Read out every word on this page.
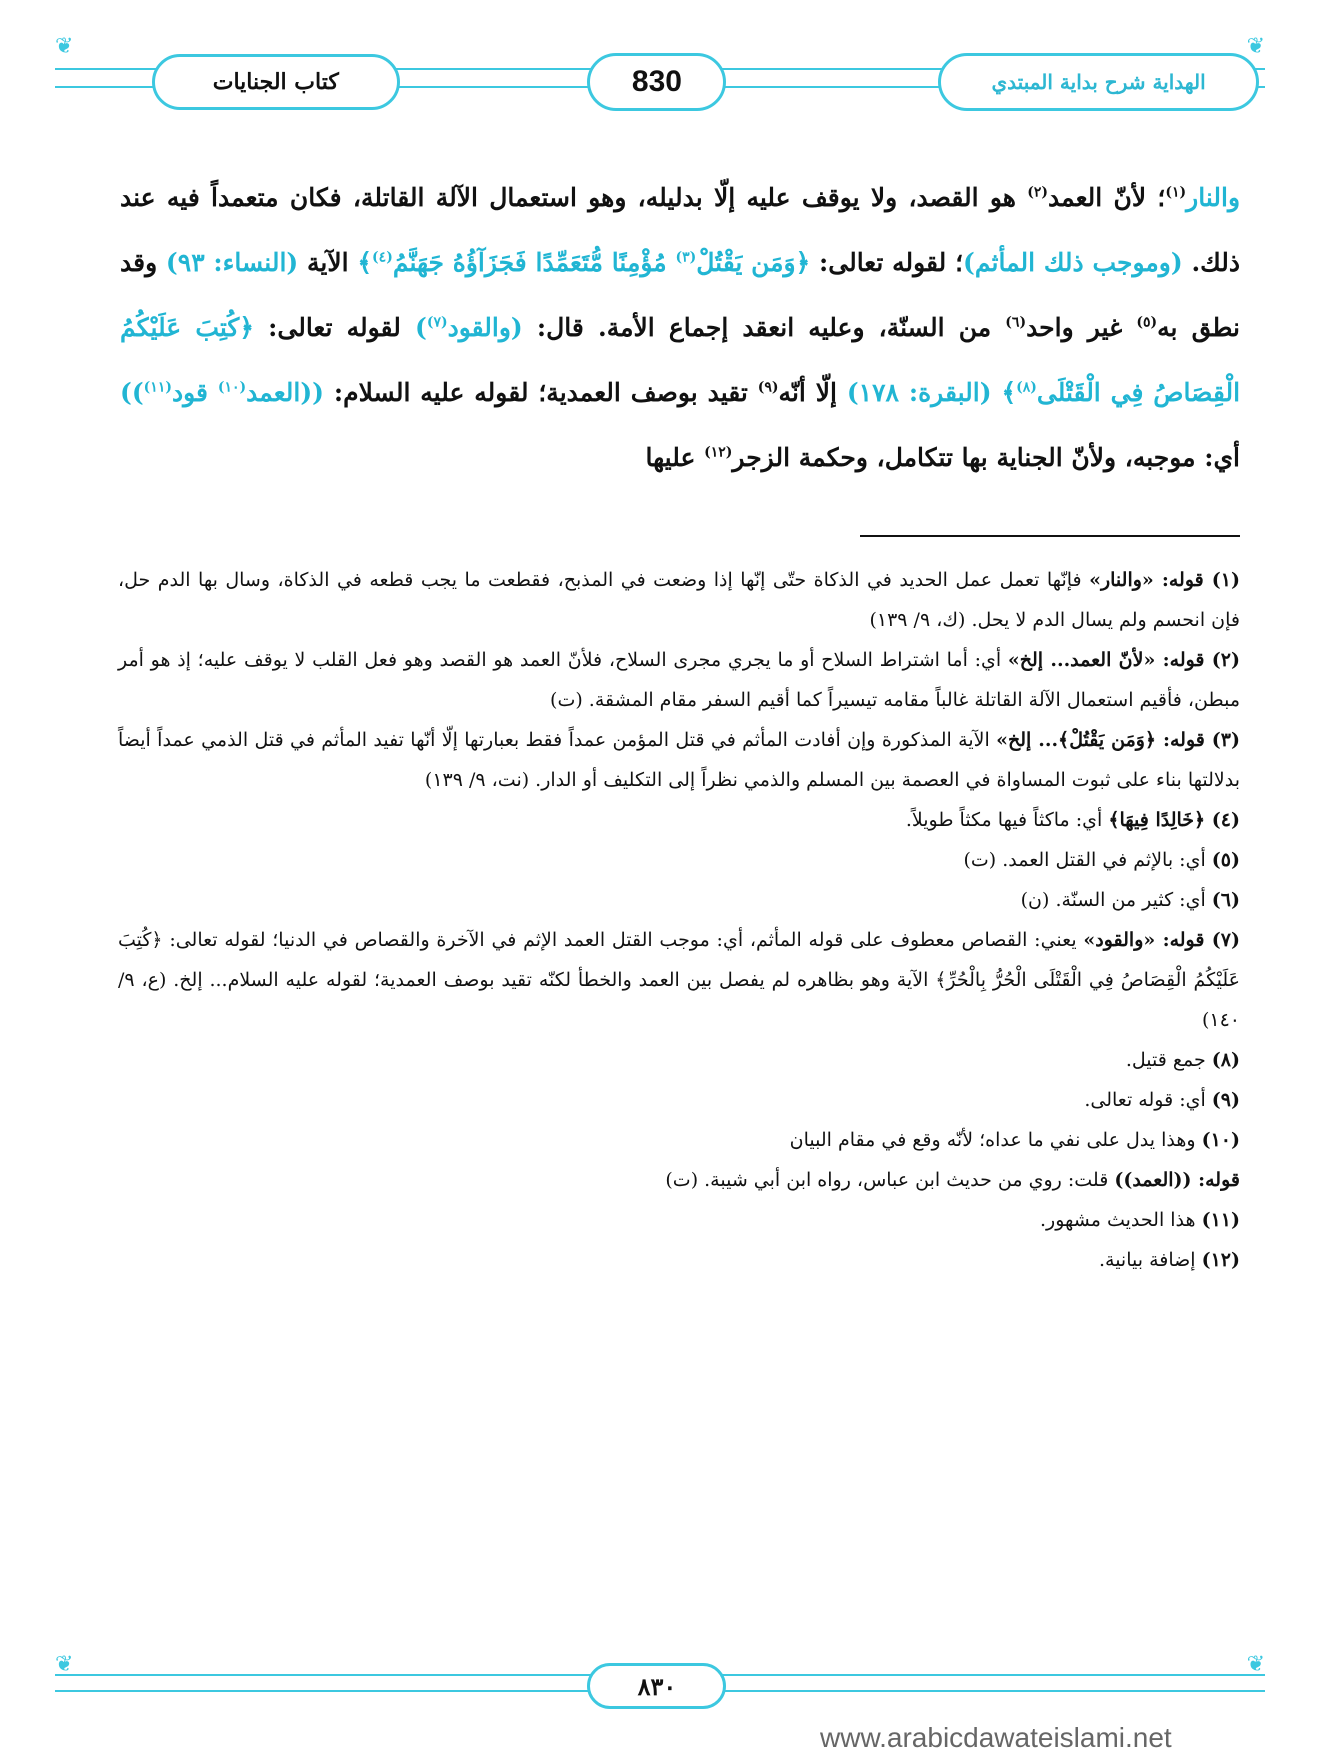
❦	❦
كتاب الجنايات	830	الهداية شرح بداية المبتدي
والنار$^{(١)}$؛ لأنّ العمد$^{(٢)}$ هو القصد، ولا يوقف عليه إلّا بدليله، وهو استعمال الآلة القاتلة، فكان متعمداً فيه عند ذلك. (وموجب ذلك المأثم)؛ لقوله تعالى: ﴿وَمَن يَقْتُلْ$^{(٣)}$ مُؤْمِنًا مُّتَعَمِّدًا فَجَزَآؤُهُ جَهَنَّمُ$^{(٤)}$﴾ الآية (النساء: ٩٣) وقد نطق به$^{(٥)}$ غير واحد$^{(٦)}$ من السنّة، وعليه انعقد إجماع الأمة. قال: (والقود$^{(٧)}$) لقوله تعالى: ﴿كُتِبَ عَلَيْكُمُ الْقِصَاصُ فِي الْقَتْلَى$^{(٨)}$﴾ (البقرة: ١٧٨) إلّا أنّه$^{(٩)}$ تقيد بوصف العمدية؛ لقوله عليه السلام: ((العمد$^{(١٠)}$ قود$^{(١١)}$)) أي: موجبه، ولأنّ الجناية بها تتكامل، وحكمة الزجر$^{(١٢)}$ عليها

(١) قوله: «والنار» فإنّها تعمل عمل الحديد في الذكاة حتّى إنّها إذا وضعت في المذبح، فقطعت ما يجب قطعه في الذكاة، وسال بها الدم حل، فإن انحسم ولم يسال الدم لا يحل. (ك، ٩/ ١٣٩)

(٢) قوله: «لأنّ العمد... إلخ» أي: أما اشتراط السلاح أو ما يجري مجرى السلاح، فلأنّ العمد هو القصد وهو فعل القلب لا يوقف عليه؛ إذ هو أمر مبطن، فأقيم استعمال الآلة القاتلة غالباً مقامه تيسيراً كما أقيم السفر مقام المشقة. (ت)

(٣) قوله: ﴿وَمَن يَقْتُلْ﴾... إلخ» الآية المذكورة وإن أفادت المأثم في قتل المؤمن عمداً فقط بعبارتها إلّا أنّها تفيد المأثم في قتل الذمي عمداً أيضاً بدلالتها بناء على ثبوت المساواة في العصمة بين المسلم والذمي نظراً إلى التكليف أو الدار. (نت، ٩/ ١٣٩)

(٤) ﴿خَالِدًا فِيهَا﴾ أي: ماكثاً فيها مكثاً طويلاً.

(٥) أي: بالإثم في القتل العمد. (ت)

(٦) أي: كثير من السنّة. (ن)

(٧) قوله: «والقود» يعني: القصاص معطوف على قوله المأثم، أي: موجب القتل العمد الإثم في الآخرة والقصاص في الدنيا؛ لقوله تعالى: ﴿كُتِبَ عَلَيْكُمُ الْقِصَاصُ فِي الْقَتْلَى الْحُرُّ بِالْحُرِّ﴾ الآية وهو بظاهره لم يفصل بين العمد والخطأ لكنّه تقيد بوصف العمدية؛ لقوله عليه السلام... إلخ. (ع، ٩/ ١٤٠)

(٨) جمع قتيل.

(٩) أي: قوله تعالى.

(١٠) وهذا يدل على نفي ما عداه؛ لأنّه وقع في مقام البيان

قوله: ((العمد)) قلت: روي من حديث ابن عباس، رواه ابن أبي شيبة. (ت)

(١١) هذا الحديث مشهور.

(١٢) إضافة بيانية.

❦	❦
٨٣٠
www.arabicdawateislami.net
